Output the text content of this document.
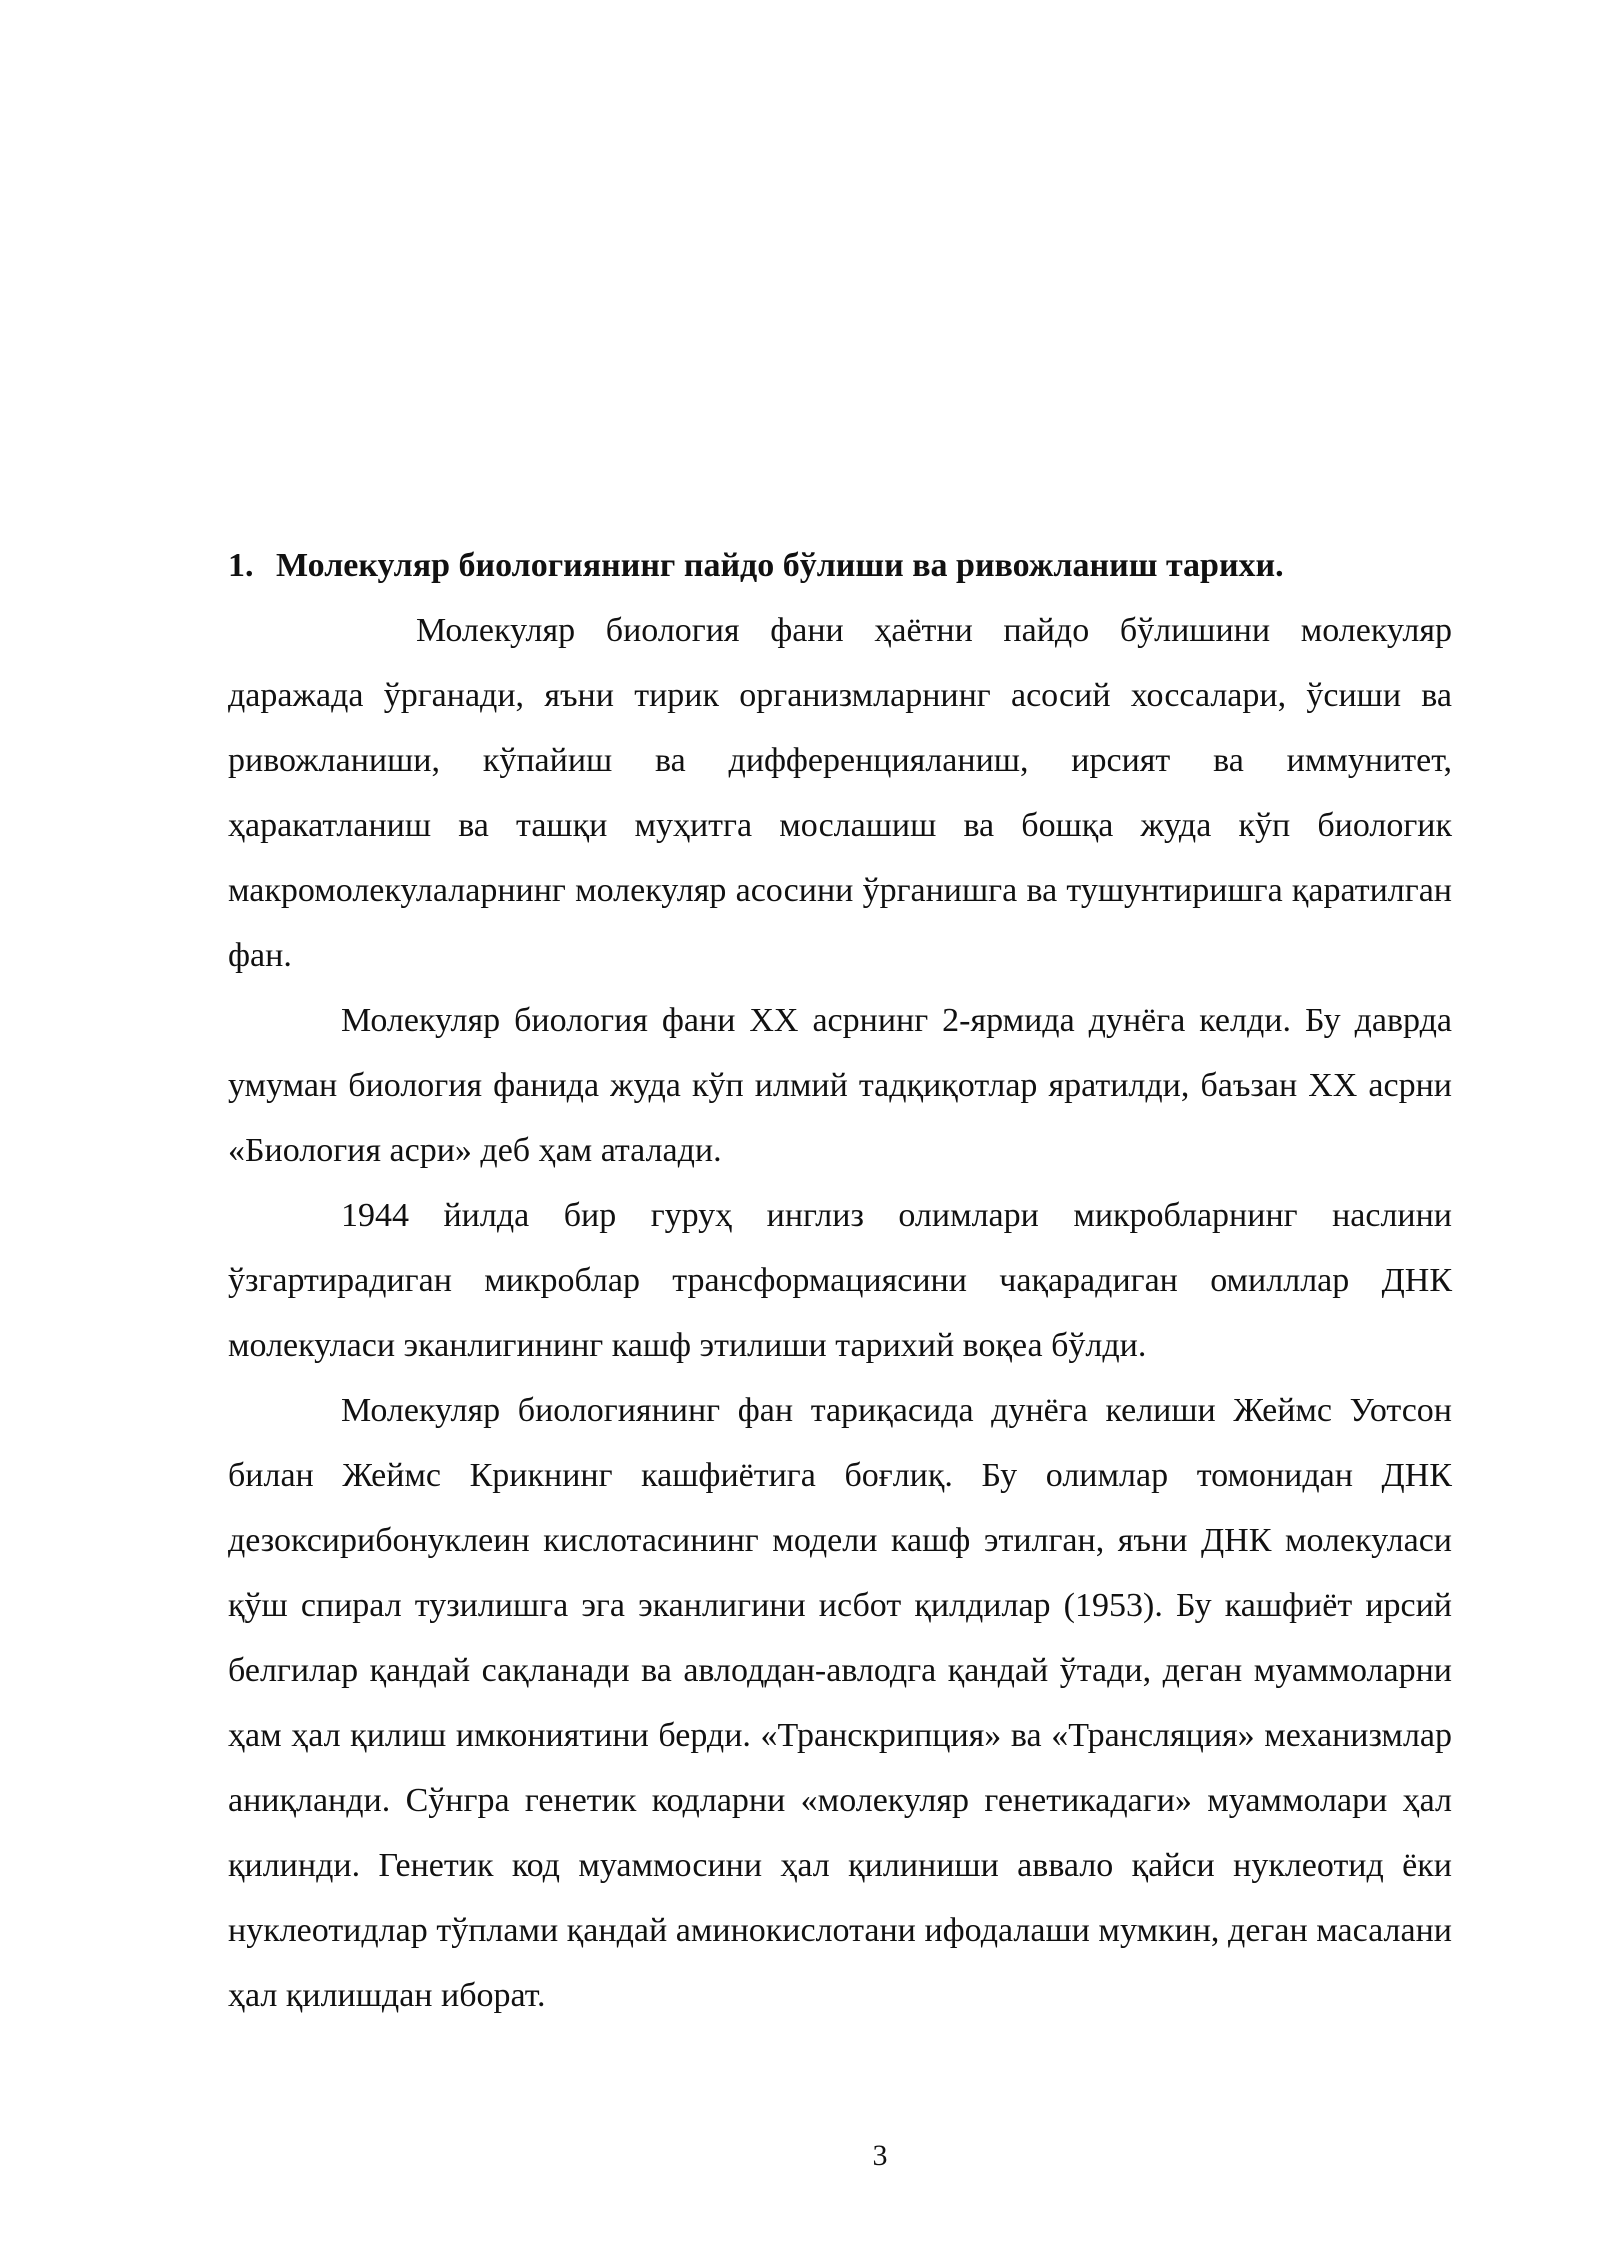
1. Молекуляр биологиянинг пайдо бўлиши ва ривожланиш тарихи.

Молекуляр биология фани ҳаётни пайдо бўлишини молекуляр даражада ўрганади, яъни тирик организмларнинг асосий хоссалари, ўсиши ва ривожланиши, кўпайиш ва дифференцияланиш, ирсият ва иммунитет, ҳаракатланиш ва ташқи муҳитга мослашиш ва бошқа жуда кўп биологик макромолекулаларнинг молекуляр асосини ўрганишга ва тушунтиришга қаратилган фан.

Молекуляр биология фани XX асрнинг 2-ярмида дунёга келди. Бу даврда умуман биология фанида жуда кўп илмий тадқиқотлар яратилди, баъзан XX асрни «Биология асри» деб ҳам аталади.

1944 йилда бир гуруҳ инглиз олимлари микробларнинг наслини ўзгартирадиган микроблар трансформациясини чақарадиган омилллар ДНК молекуласи эканлигининг кашф этилиши тарихий воқеа бўлди.

Молекуляр биологиянинг фан тариқасида дунёга келиши Жеймс Уотсон билан Жеймс Крикнинг кашфиётига боғлиқ. Бу олимлар томонидан ДНК дезоксирибонуклеин кислотасининг модели кашф этилган, яъни ДНК молекуласи қўш спирал тузилишга эга эканлигини исбот қилдилар (1953). Бу кашфиёт ирсий белгилар қандай сақланади ва авлоддан-авлодга қандай ўтади, деган муаммоларни ҳам ҳал қилиш имкониятини берди. «Транскрипция» ва «Трансляция» механизмлар аниқланди. Сўнгра генетик кодларни «молекуляр генетикадаги» муаммолари ҳал қилинди. Генетик код муаммосини ҳал қилиниши аввало қайси нуклеотид ёки нуклеотидлар тўплами қандай аминокислотани ифодалаши мумкин, деган масалани ҳал қилишдан иборат.

3
